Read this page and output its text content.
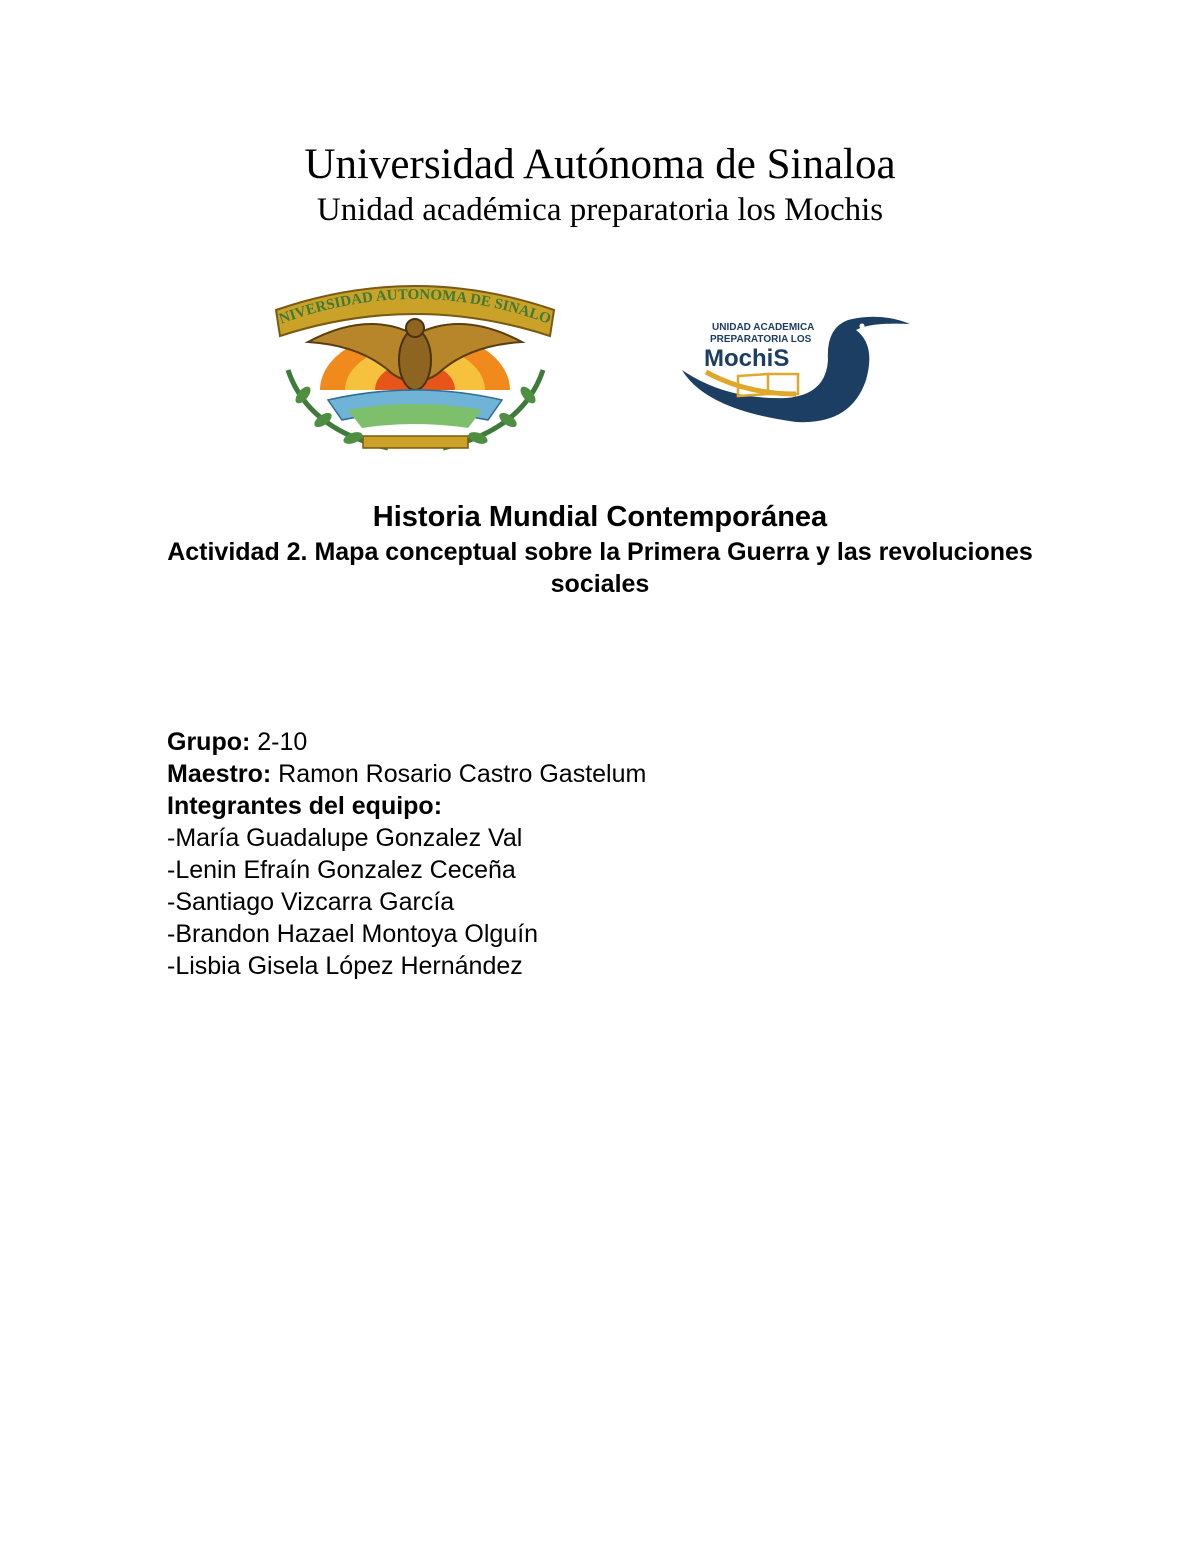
Universidad Autónoma de Sinaloa
Unidad académica preparatoria los Mochis
NIVERSIDAD AUTONOMA DE SINALO	UNIDAD ACADEMICA
PREPARATORIA LOS
MochiS
Historia Mundial Contemporánea
Actividad 2. Mapa conceptual sobre la Primera Guerra y las revoluciones sociales
Grupo: 2-10
Maestro: Ramon Rosario Castro Gastelum
Integrantes del equipo:
-María Guadalupe Gonzalez Val
-Lenin Efraín Gonzalez Ceceña
-Santiago Vizcarra García
-Brandon Hazael Montoya Olguín
-Lisbia Gisela López Hernández
